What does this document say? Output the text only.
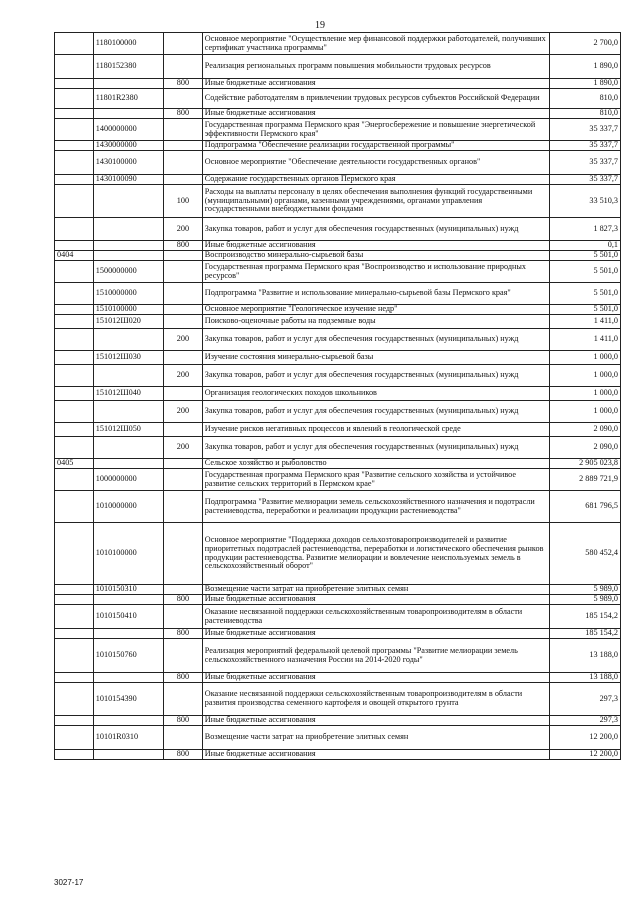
19
	1180100000		Основное мероприятие "Осуществление мер финансовой поддержки работодателей, получивших сертификат участника программы"	2 700,0
	1180152380		Реализация региональных программ повышения мобильности трудовых ресурсов	1 890,0
		800	Иные бюджетные ассигнования	1 890,0
	11801R2380		Содействие работодателям в привлечении трудовых ресурсов субъектов Российской Федерации	810,0
		800	Иные бюджетные ассигнования	810,0
	1400000000		Государственная программа Пермского края "Энергосбережение и повышение энергетической эффективности Пермского края"	35 337,7
	1430000000		Подпрограмма "Обеспечение реализации государственной программы"	35 337,7
	1430100000		Основное мероприятие "Обеспечение деятельности государственных органов"	35 337,7
	1430100090		Содержание государственных органов Пермского края	35 337,7
		100	Расходы на выплаты персоналу в целях обеспечения выполнения функций государственными (муниципальными) органами, казенными учреждениями, органами управления государственными внебюджетными фондами	33 510,3
		200	Закупка товаров, работ и услуг для обеспечения государственных (муниципальных) нужд	1 827,3
		800	Иные бюджетные ассигнования	0,1
0404			Воспроизводство минерально-сырьевой базы	5 501,0
	1500000000		Государственная программа Пермского края "Воспроизводство и использование природных ресурсов"	5 501,0
	1510000000		Подпрограмма "Развитие и использование минерально-сырьевой базы Пермского края"	5 501,0
	1510100000		Основное мероприятие "Геологическое изучение недр"	5 501,0
	151012Ш020		Поисково-оценочные работы на подземные воды	1 411,0
		200	Закупка товаров, работ и услуг для обеспечения государственных (муниципальных) нужд	1 411,0
	151012Ш030		Изучение состояния минерально-сырьевой базы	1 000,0
		200	Закупка товаров, работ и услуг для обеспечения государственных (муниципальных) нужд	1 000,0
	151012Ш040		Организация геологических походов школьников	1 000,0
		200	Закупка товаров, работ и услуг для обеспечения государственных (муниципальных) нужд	1 000,0
	151012Ш050		Изучение рисков негативных процессов и явлений в геологической среде	2 090,0
		200	Закупка товаров, работ и услуг для обеспечения государственных (муниципальных) нужд	2 090,0
0405			Сельское хозяйство и рыболовство	2 905 023,8
	1000000000		Государственная программа Пермского края "Развитие сельского хозяйства и устойчивое развитие сельских территорий в Пермском крае"	2 889 721,9
	1010000000		Подпрограмма "Развитие мелиорации земель сельскохозяйственного назначения и подотрасли растениеводства, переработки и реализации продукции растениеводства"	681 796,5
	1010100000		Основное мероприятие "Поддержка доходов сельхозтоваропроизводителей и развитие приоритетных подотраслей растениеводства, переработки и логистического обеспечения рынков продукции растениеводства. Развитие мелиорации и вовлечение неиспользуемых земель в сельскохозяйственный оборот"	580 452,4
	1010150310		Возмещение части затрат на приобретение элитных семян	5 989,0
		800	Иные бюджетные ассигнования	5 989,0
	1010150410		Оказание несвязанной поддержки сельскохозяйственным товаропроизводителям в области растениеводства	185 154,2
		800	Иные бюджетные ассигнования	185 154,2
	1010150760		Реализация мероприятий федеральной целевой программы "Развитие мелиорации земель сельскохозяйственного назначения России на 2014-2020 годы"	13 188,0
		800	Иные бюджетные ассигнования	13 188,0
	1010154390		Оказание несвязанной поддержки сельскохозяйственным товаропроизводителям в области развития производства семенного картофеля и овощей открытого грунта	297,3
		800	Иные бюджетные ассигнования	297,3
	10101R0310		Возмещение части затрат на приобретение элитных семян	12 200,0
		800	Иные бюджетные ассигнования	12 200,0
3027-17
